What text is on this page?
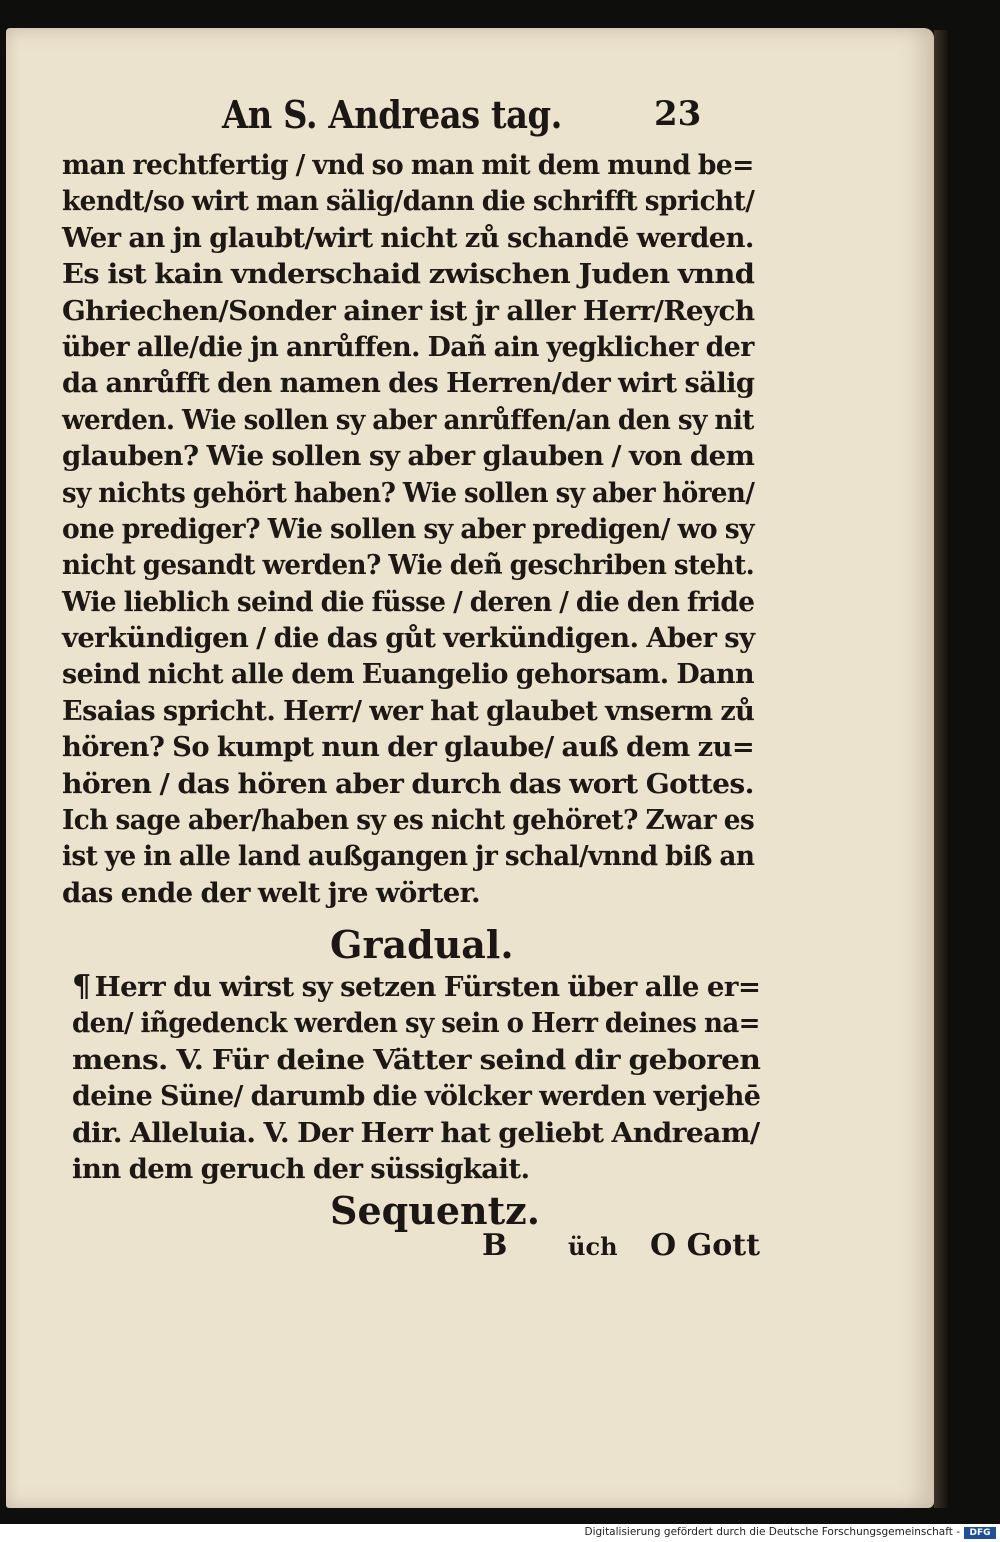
An S. Andreas tag.	23
man rechtfertig / vnd so man mit dem mund be=
kendt/so wirt man sälig/dann die schrifft spricht/
Wer an jn glaubt/wirt nicht zů schandē werden.
Es ist kain vnderschaid zwischen Juden vnnd
Ghriechen/Sonder ainer ist jr aller Herr/Reych
über alle/die jn anrůffen. Dañ ain yegklicher der
da anrůfft den namen des Herren/der wirt sälig
werden. Wie sollen sy aber anrůffen/an den sy nit
glauben? Wie sollen sy aber glauben / von dem
sy nichts gehört haben? Wie sollen sy aber hören/
one prediger? Wie sollen sy aber predigen/ wo sy
nicht gesandt werden? Wie deñ geschriben steht.
Wie lieblich seind die füsse / deren / die den fride
verkündigen / die das gůt verkündigen. Aber sy
seind nicht alle dem Euangelio gehorsam. Dann
Esaias spricht. Herr/ wer hat glaubet vnserm zů
hören? So kumpt nun der glaube/ auß dem zu=
hören / das hören aber durch das wort Gottes.
Ich sage aber/haben sy es nicht gehöret? Zwar es
ist ye in alle land außgangen jr schal/vnnd biß an
das ende der welt jre wörter.
Gradual.
¶ Herr du wirst sy setzen Fürsten über alle er=
den/ iñgedenck werden sy sein o Herr deines na=
mens. V. Für deine Vätter seind dir geboren
deine Süne/ darumb die völcker werden verjehē
dir. Alleluia. V. Der Herr hat geliebt Andream/
inn dem geruch der süssigkait.
Sequentz.
B	üch O Gott
Digitalisierung gefördert durch die Deutsche Forschungsgemeinschaft -	DFG
